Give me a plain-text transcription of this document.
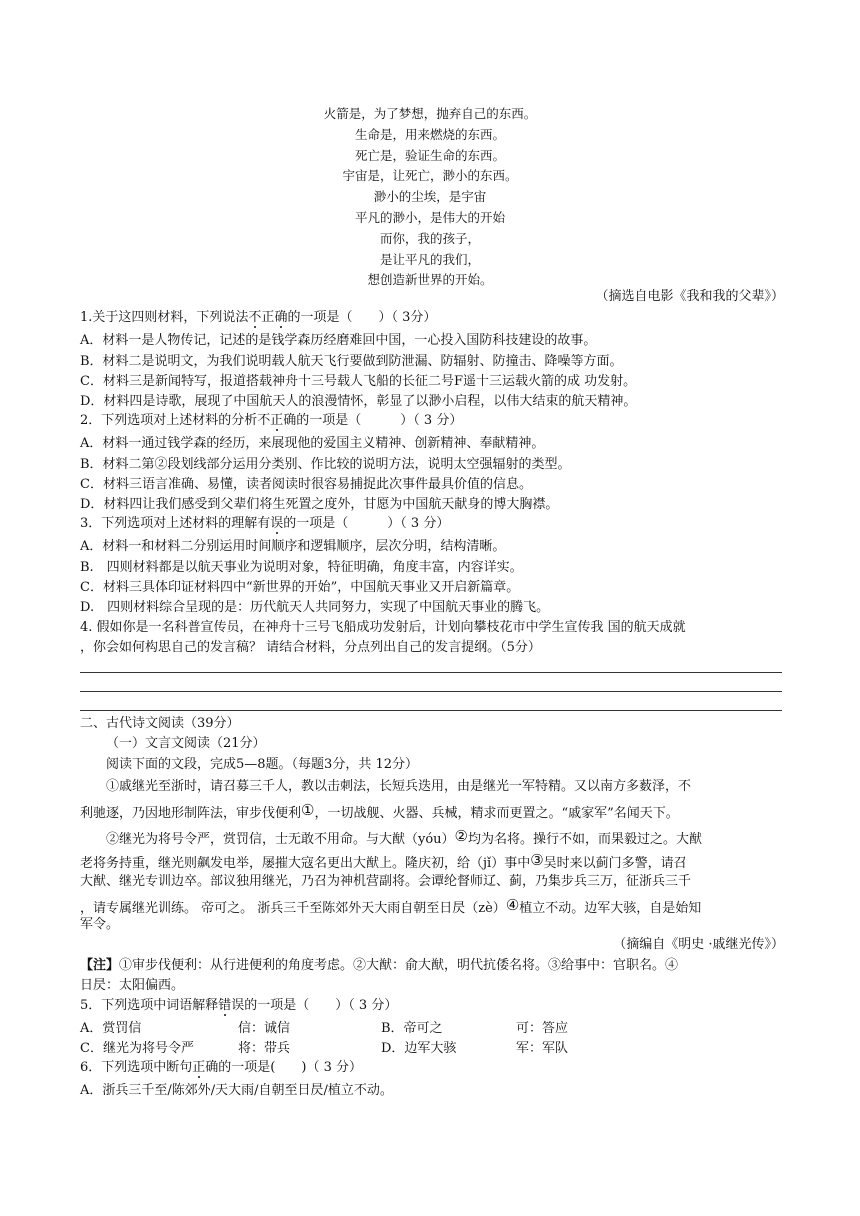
火箭是，为了梦想，抛弃自己的东西。
生命是，用来燃烧的东西。
死亡是，验证生命的东西。
宇宙是，让死亡，渺小的东西。
渺小的尘埃，是宇宙
平凡的渺小，是伟大的开始
而你，我的孩子，
是让平凡的我们，
想创造新世界的开始。
（摘选自电影《我和我的父辈》）
1.关于这四则材料，下列说法不正确的一项是（　　）（ 3分）
A．材料一是人物传记，记述的是钱学森历经磨难回中国，一心投入国防科技建设的故事。
B．材料二是说明文，为我们说明载人航天飞行要做到防泄漏、防辐射、防撞击、降噪等方面。
C．材料三是新闻特写，报道搭载神舟十三号载人飞船的长征二号F遥十三运载火箭的成 功发射。
D．材料四是诗歌，展现了中国航天人的浪漫情怀，彰显了以渺小启程，以伟大结束的航天精神。
2．下列选项对上述材料的分析不正确的一项是（　　　）（ 3 分）
A．材料一通过钱学森的经历，来展现他的爱国主义精神、创新精神、奉献精神。
B．材料二第②段划线部分运用分类别、作比较的说明方法，说明太空强辐射的类型。
C．材料三语言准确、易懂，读者阅读时很容易捕捉此次事件最具价值的信息。
D．材料四让我们感受到父辈们将生死置之度外，甘愿为中国航天献身的博大胸襟。
3．下列选项对上述材料的理解有误的一项是（　　　）（ 3 分）
A．材料一和材料二分别运用时间顺序和逻辑顺序，层次分明，结构清晰。
B.　四则材料都是以航天事业为说明对象，特征明确，角度丰富，内容详实。
C．材料三具体印证材料四中“新世界的开始”，中国航天事业又开启新篇章。
D.　四则材料综合呈现的是：历代航天人共同努力，实现了中国航天事业的腾飞。
4. 假如你是一名科普宣传员，在神舟十三号飞船成功发射后，计划向攀枝花市中学生宣传我 国的航天成就
，你会如何构思自己的发言稿？ 请结合材料，分点列出自己的发言提纲。（5分）
二、古代诗文阅读（39分）
（一）文言文阅读（21分）
阅读下面的文段，完成5—8题。（每题3分，共 12分）
①戚继光至浙时，请召募三千人，教以击刺法，长短兵迭用，由是继光一军特精。又以南方多薮泽，不
利驰逐，乃因地形制阵法，审步伐便利①，一切战舰、火器、兵械，精求而更置之。“戚家军”名闻天下。
②继光为将号令严，赏罚信，士无敢不用命。与大猷（yóu）②均为名将。操行不如，而果毅过之。大猷
老将务持重，继光则飙发电举，屡摧大寇名更出大猷上。隆庆初，给（jǐ）事中③吴时来以蓟门多警，请召
大猷、继光专训边卒。部议独用继光，乃召为神机营副将。会谭纶督师辽、蓟，乃集步兵三万，征浙兵三千
，请专属继光训练。 帝可之。 浙兵三千至陈郊外天大雨自朝至日昃（zè）④植立不动。边军大骇，自是始知
军令。
（摘编自《明史 ·戚继光传》）
【注】①审步伐便利：从行进便利的角度考虑。②大猷：俞大猷，明代抗倭名将。③给事中：官职名。④
日昃：太阳偏西。
5．下列选项中词语解释错误的一项是（　　）（ 3 分）
A．赏罚信	信：诚信	B．帝可之	可：答应
C．继光为将号令严	将：带兵	D．边军大骇	军：军队
6．下列选项中断句正确的一项是(　　)（ 3 分）
A．浙兵三千至/陈郊外/天大雨/自朝至日昃/植立不动。
